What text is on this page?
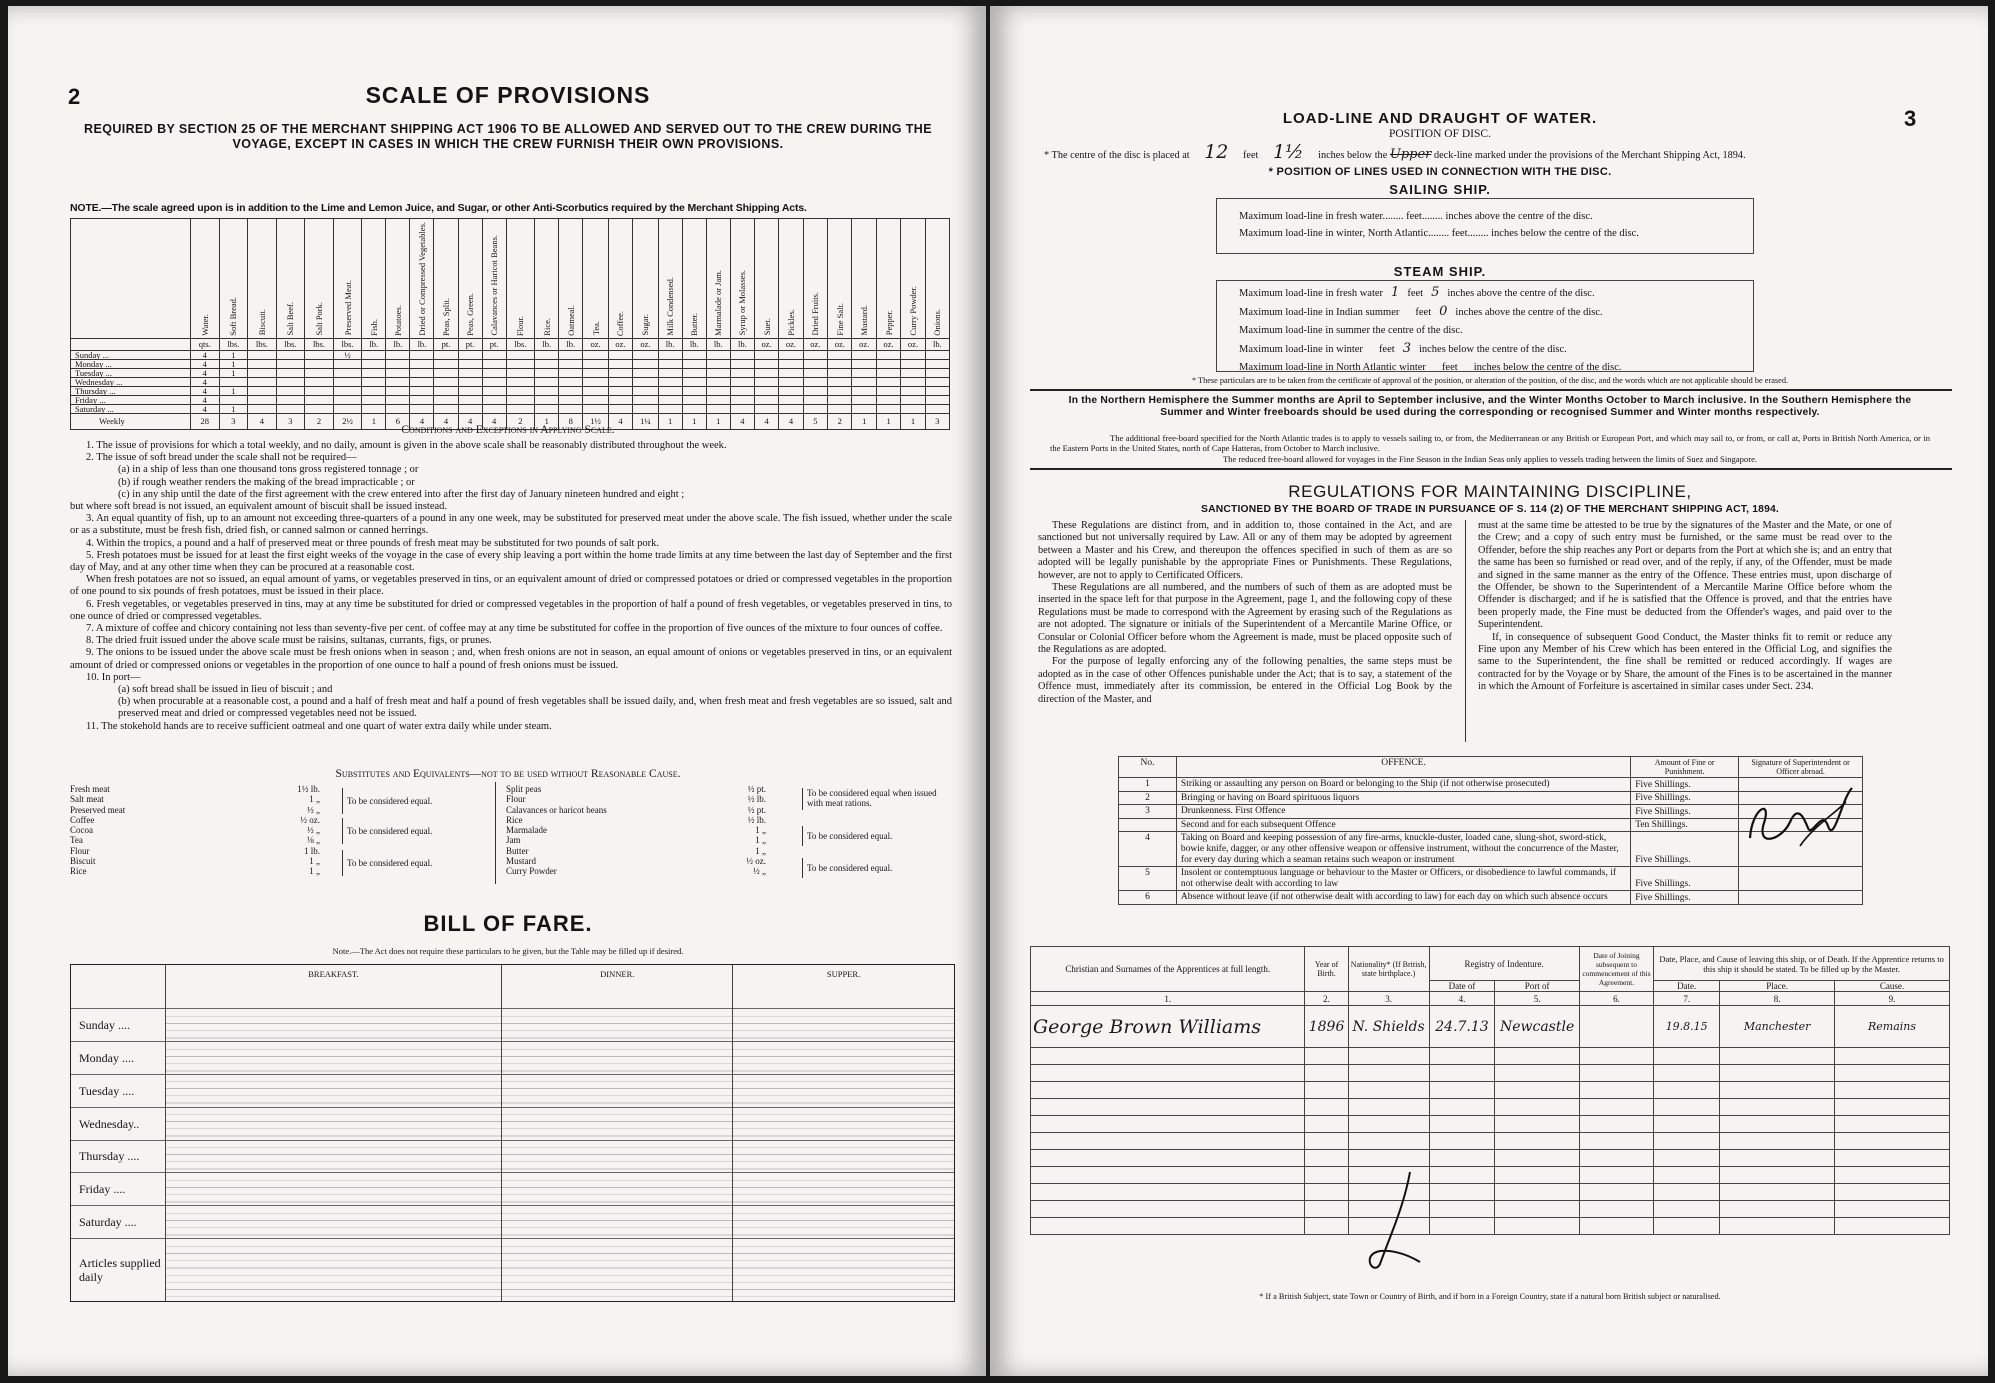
2	SCALE OF PROVISIONS
REQUIRED BY SECTION 25 OF THE MERCHANT SHIPPING ACT 1906 TO BE ALLOWED AND SERVED OUT TO THE CREW DURING THE VOYAGE, EXCEPT IN CASES IN WHICH THE CREW FURNISH THEIR OWN PROVISIONS.
NOTE.—The scale agreed upon is in addition to the Lime and Lemon Juice, and Sugar, or other Anti-Scorbutics required by the Merchant Shipping Acts.
	Water.	Soft Bread.	Biscuit.	Salt Beef.	Salt Pork.	Preserved Meat.	Fish.	Potatoes.	Dried or Compressed Vegetables.	Peas, Split.	Peas, Green.	Calavances or Haricot Beans.	Flour.	Rice.	Oatmeal.	Tea.	Coffee.	Sugar.	Milk Condensed.	Butter.	Marmalade or Jam.	Syrup or Molasses.	Suet.	Pickles.	Dried Fruits.	Fine Salt.	Mustard.	Pepper.	Curry Powder.	Onions.
	qts.	lbs.	lbs.	lbs.	lbs.	lbs.	lb.	lb.	lb.	pt.	pt.	pt.	lbs.	lb.	lb.	oz.	oz.	oz.	lb.	lb.	lb.	lb.	oz.	oz.	oz.	oz.	oz.	oz.	oz.	lb.
Sunday ...	4	1				½																								
Monday ...	4	1																												
Tuesday ...	4	1																												
Wednesday ...	4																													
Thursday ...	4	1																												
Friday ...	4																													
Saturday ...	4	1																												
Weekly	28	3	4	3	2	2½	1	6	4	4	4	4	2	1	8	1½	4	1¼	1	1	1	4	4	4	5	2	1	1	1	3
Conditions and Exceptions in Applying Scale.

1. The issue of provisions for which a total weekly, and no daily, amount is given in the above scale shall be reasonably distributed throughout the week.

2. The issue of soft bread under the scale shall not be required—

(a) in a ship of less than one thousand tons gross registered tonnage ; or

(b) if rough weather renders the making of the bread impracticable ; or

(c) in any ship until the date of the first agreement with the crew entered into after the first day of January nineteen hundred and eight ;

but where soft bread is not issued, an equivalent amount of biscuit shall be issued instead.

3. An equal quantity of fish, up to an amount not exceeding three-quarters of a pound in any one week, may be substituted for preserved meat under the above scale. The fish issued, whether under the scale or as a substitute, must be fresh fish, dried fish, or canned salmon or canned herrings.

4. Within the tropics, a pound and a half of preserved meat or three pounds of fresh meat may be substituted for two pounds of salt pork.

5. Fresh potatoes must be issued for at least the first eight weeks of the voyage in the case of every ship leaving a port within the home trade limits at any time between the last day of September and the first day of May, and at any other time when they can be procured at a reasonable cost.

When fresh potatoes are not so issued, an equal amount of yams, or vegetables preserved in tins, or an equivalent amount of dried or compressed potatoes or dried or compressed vegetables in the proportion of one pound to six pounds of fresh potatoes, must be issued in their place.

6. Fresh vegetables, or vegetables preserved in tins, may at any time be substituted for dried or compressed vegetables in the proportion of half a pound of fresh vegetables, or vegetables preserved in tins, to one ounce of dried or compressed vegetables.

7. A mixture of coffee and chicory containing not less than seventy-five per cent. of coffee may at any time be substituted for coffee in the proportion of five ounces of the mixture to four ounces of coffee.

8. The dried fruit issued under the above scale must be raisins, sultanas, currants, figs, or prunes.

9. The onions to be issued under the above scale must be fresh onions when in season ; and, when fresh onions are not in season, an equal amount of onions or vegetables preserved in tins, or an equivalent amount of dried or compressed onions or vegetables in the proportion of one ounce to half a pound of fresh onions must be issued.

10. In port—

(a) soft bread shall be issued in lieu of biscuit ; and

(b) when procurable at a reasonable cost, a pound and a half of fresh meat and half a pound of fresh vegetables shall be issued daily, and, when fresh meat and fresh vegetables are so issued, salt and preserved meat and dried or compressed vegetables need not be issued.

11. The stokehold hands are to receive sufficient oatmeal and one quart of water extra daily while under steam.

Substitutes and Equivalents—not to be used without Reasonable Cause.
Fresh meat	1½ lb.
Salt meat	1 „
Preserved meat	½ „
Coffee	½ oz.
Cocoa	½ „
Tea	⅛ „
Flour	1 lb.
Biscuit	1 „
Rice	1 „
To be considered equal.
To be considered equal.
To be considered equal.
Split peas	½ pt.
Flour	½ lb.
Calavances or haricot beans	½ pt.
Rice	½ lb.
Marmalade	1 „
Jam	1 „
Butter	1 „
Mustard	½ oz.
Curry Powder	½ „
To be considered equal when issued with meat rations.
To be considered equal.
To be considered equal.
BILL OF FARE.
Note.—The Act does not require these particulars to be given, but the Table may be filled up if desired.
	BREAKFAST.	DINNER.	SUPPER.
Sunday ....			
Monday ....			
Tuesday ....			
Wednesday..			
Thursday ....			
Friday ....			
Saturday ....			
Articles supplied daily			
LOAD-LINE AND DRAUGHT OF WATER.	3
POSITION OF DISC.
* The centre of the disc is placed at 12 feet 1½ inches below the Upper deck-line marked under the provisions of the Merchant Shipping Act, 1894.
* POSITION OF LINES USED IN CONNECTION WITH THE DISC.
SAILING SHIP.
Maximum load-line in fresh water........ feet........ inches above the centre of the disc.
Maximum load-line in winter, North Atlantic........ feet........ inches below the centre of the disc.
STEAM SHIP.
Maximum load-line in fresh water 1 feet 5 inches above the centre of the disc.
Maximum load-line in Indian summer feet 0 inches above the centre of the disc.
Maximum load-line in summer the centre of the disc.
Maximum load-line in winter feet 3 inches below the centre of the disc.
Maximum load-line in North Atlantic winter feet inches below the centre of the disc.
* These particulars are to be taken from the certificate of approval of the position, or alteration of the position, of the disc, and the words which are not applicable should be erased.
In the Northern Hemisphere the Summer months are April to September inclusive, and the Winter Months October to March inclusive. In the Southern Hemisphere the Summer and Winter freeboards should be used during the corresponding or recognised Summer and Winter months respectively.
The additional free-board specified for the North Atlantic trades is to apply to vessels sailing to, or from, the Mediterranean or any British or European Port, and which may sail to, or from, or call at, Ports in British North America, or in the Eastern Ports in the United States, north of Cape Hatteras, from October to March inclusive.
The reduced free-board allowed for voyages in the Fine Season in the Indian Seas only applies to vessels trading between the limits of Suez and Singapore.
REGULATIONS FOR MAINTAINING DISCIPLINE,
SANCTIONED BY THE BOARD OF TRADE IN PURSUANCE OF S. 114 (2) OF THE MERCHANT SHIPPING ACT, 1894.

These Regulations are distinct from, and in addition to, those contained in the Act, and are sanctioned but not universally required by Law. All or any of them may be adopted by agreement between a Master and his Crew, and thereupon the offences specified in such of them as are so adopted will be legally punishable by the appropriate Fines or Punishments. These Regulations, however, are not to apply to Certificated Officers.

These Regulations are all numbered, and the numbers of such of them as are adopted must be inserted in the space left for that purpose in the Agreement, page 1, and the following copy of these Regulations must be made to correspond with the Agreement by erasing such of the Regulations as are not adopted. The signature or initials of the Superintendent of a Mercantile Marine Office, or Consular or Colonial Officer before whom the Agreement is made, must be placed opposite such of the Regulations as are adopted.

For the purpose of legally enforcing any of the following penalties, the same steps must be adopted as in the case of other Offences punishable under the Act; that is to say, a statement of the Offence must, immediately after its commission, be entered in the Official Log Book by the direction of the Master, and

must at the same time be attested to be true by the signatures of the Master and the Mate, or one of the Crew; and a copy of such entry must be furnished, or the same must be read over to the Offender, before the ship reaches any Port or departs from the Port at which she is; and an entry that the same has been so furnished or read over, and of the reply, if any, of the Offender, must be made and signed in the same manner as the entry of the Offence. These entries must, upon discharge of the Offender, be shown to the Superintendent of a Mercantile Marine Office before whom the Offender is discharged; and if he is satisfied that the Offence is proved, and that the entries have been properly made, the Fine must be deducted from the Offender's wages, and paid over to the Superintendent.

If, in consequence of subsequent Good Conduct, the Master thinks fit to remit or reduce any Fine upon any Member of his Crew which has been entered in the Official Log, and signifies the same to the Superintendent, the fine shall be remitted or reduced accordingly. If wages are contracted for by the Voyage or by Share, the amount of the Fines is to be ascertained in the manner in which the Amount of Forfeiture is ascertained in similar cases under Sect. 234.

No.	OFFENCE.	Amount of Fine or Punishment.	Signature of Superintendent or Officer abroad.
1	Striking or assaulting any person on Board or belonging to the Ship (if not otherwise prosecuted)	Five Shillings.	
2	Bringing or having on Board spirituous liquors	Five Shillings.	
3	Drunkenness. First Offence	Five Shillings.	
	Second and for each subsequent Offence	Ten Shillings.	
4	Taking on Board and keeping possession of any fire-arms, knuckle-duster, loaded cane, slung-shot, sword-stick, bowie knife, dagger, or any other offensive weapon or offensive instrument, without the concurrence of the Master, for every day during which a seaman retains such weapon or instrument	Five Shillings.	
5	Insolent or contemptuous language or behaviour to the Master or Officers, or disobedience to lawful commands, if not otherwise dealt with according to law	Five Shillings.	
6	Absence without leave (if not otherwise dealt with according to law) for each day on which such absence occurs	Five Shillings.	
Christian and Surnames of the Apprentices at full length.	Year of Birth.	Nationality* (If British, state birthplace.)	Registry of Indenture.		Date of Joining subsequent to commencement of this Agreement.	Date, Place, and Cause of leaving this ship, or of Death. If the Apprentice returns to this ship it should be stated. To be filled up by the Master.		
			Date of	Port of		Date.	Place.	Cause.
1.	2.	3.	4.	5.	6.	7.	8.	9.
George Brown Williams	1896	N. Shields	24.7.13	Newcastle		19.8.15	Manchester	Remains

* If a British Subject, state Town or Country of Birth, and if born in a Foreign Country, state if a natural born British subject or naturalised.
